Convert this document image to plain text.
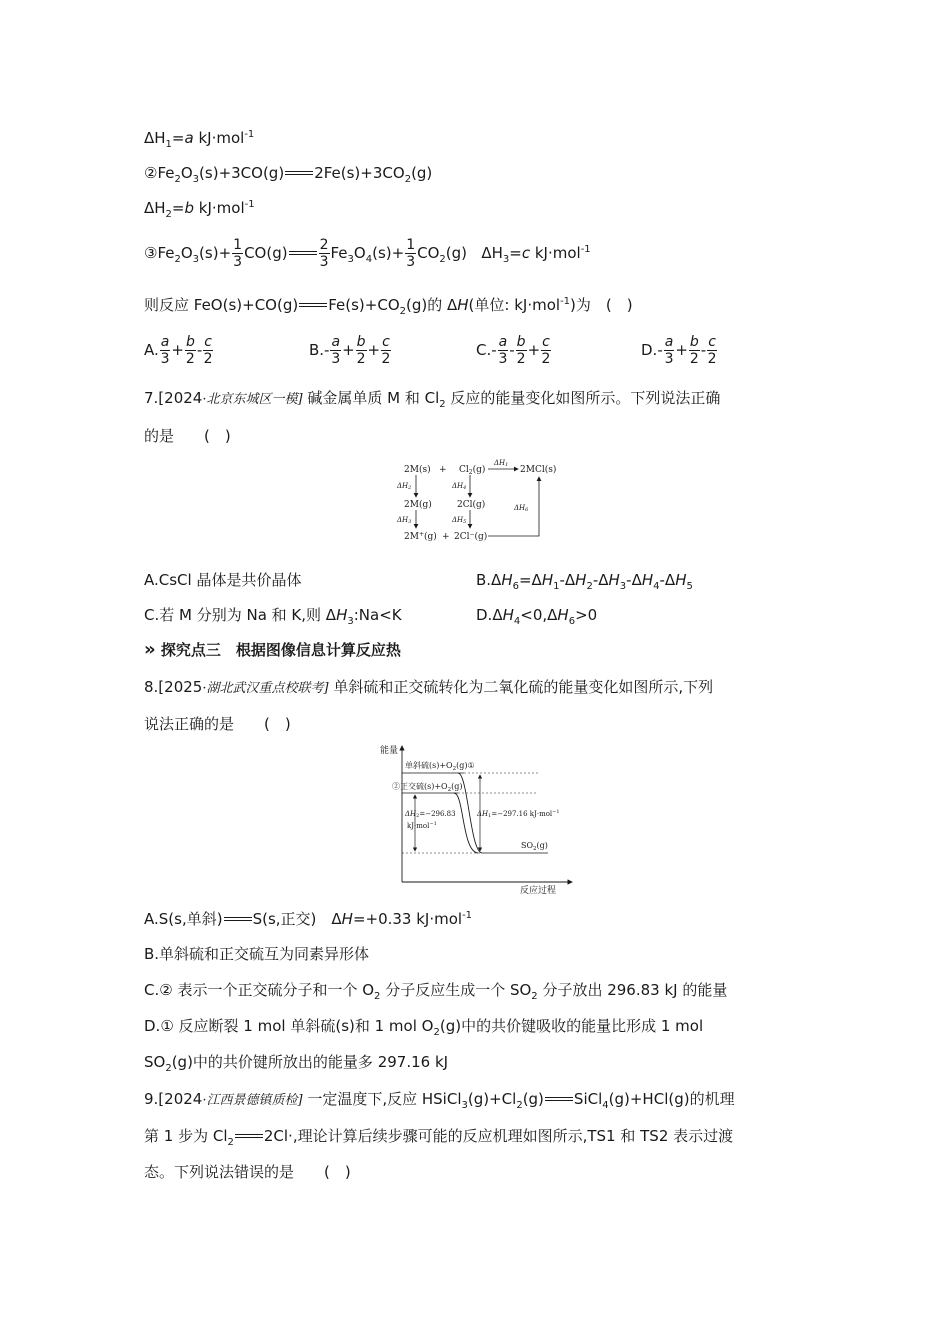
$\Delta H_1=a$ kJ·mol$^{-1}$
$②Fe_2O_3(s)+3CO(g)$ $2Fe(s)+3CO_2(g)$
$\Delta H_2=b$ kJ·mol$^{-1}$
$③Fe_2O_3(s)+ \frac{1}{3} CO(g) \frac{2}{3} Fe_3O_4(s)+ \frac{1}{3} CO_2(g)$ $\Delta H_3=c$ kJ·mol$^{-1}$
则反应 FeO(s)+CO(g) $Fe(s)+CO_2(g)$的 ΔH(单位: kJ·mol$^{-1}$)为　(　)
A. $\frac{a}{3} + \frac{b}{2} - \frac{c}{2}$	$B.- \frac{a}{3} + \frac{b}{2} + \frac{c}{2}$	$C.- \frac{a}{3} - \frac{b}{2} + \frac{c}{2}$	$D.- \frac{a}{3} + \frac{b}{2} - \frac{c}{2}$
7.[2024·北京东城区一模] 碱金属单质 M 和 $Cl_2$ 反应的能量变化如图所示。下列说法正确
的是　　(　)
$2M(s) + Cl_2(g)$
ΔH1 2MCl(s)
ΔH2	ΔH4
2M(g)	2Cl(g)
ΔH3	ΔH5
2M+(g) + 2Cl−(g)
ΔH6
A.CsCl 晶体是共价晶体	$B.\Delta H_6=\Delta H_1-\Delta H_2-\Delta H_3-\Delta H_4-\Delta H_5$
C.若 M 分别为 Na 和 K,则 $\Delta H_3:Na<K$	$D.\Delta H_4<0,\Delta H_6>0$
» 探究点三　根据图像信息计算反应热
8.[2025·湖北武汉重点校联考] 单斜硫和正交硫转化为二氧化硫的能量变化如图所示,下列
说法正确的是　　(　)
能量
反应过程
单斜硫$(s)+O_2(g)①$
②正交硫$(s)+O_2(g)$
ΔH2=−296.83
kJ·mol$^{-1}$
ΔH1=−297.16 kJ·mol$^{-1}$
$SO_2(g)$
A.S(s,单斜) S(s,正交)　ΔH=+0.33 kJ·mol$^{-1}$
B.单斜硫和正交硫互为同素异形体
C.② 表示一个正交硫分子和一个 $O_2$ 分子反应生成一个 $SO_2$ 分子放出 296.83 kJ 的能量
D.① 反应断裂 1 mol 单斜硫(s)和 1 mol $O_2(g)$中的共价键吸收的能量比形成 1 mol
$SO_2(g)$中的共价键所放出的能量多 297.16 kJ
9.[2024·江西景德镇质检] 一定温度下,反应 $HSiCl_3(g)+Cl_2(g)$ SiCl$_4$(g)+HCl(g)的机理
第 1 步为 $Cl_2$ 2Cl·,理论计算后续步骤可能的反应机理如图所示,TS1 和 TS2 表示过渡
态。下列说法错误的是　　(　)
